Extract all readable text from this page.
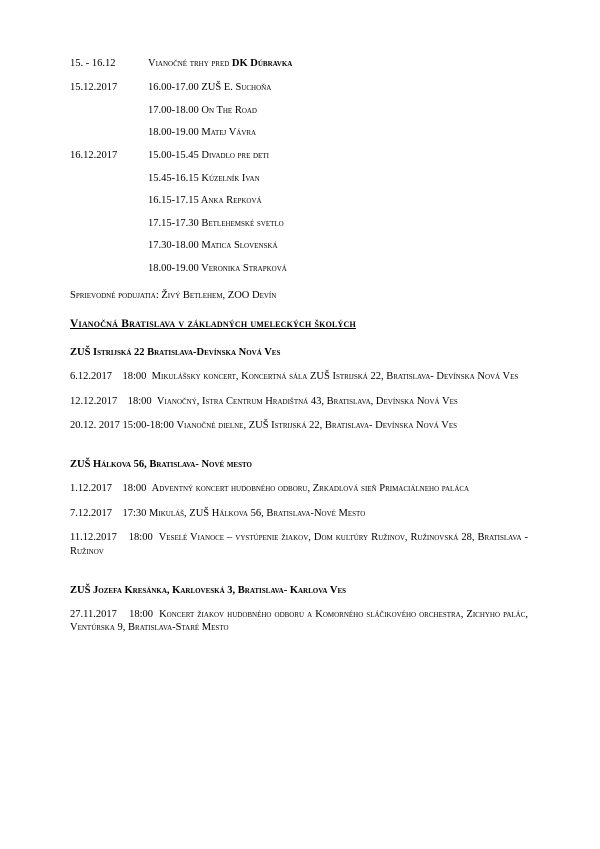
15. - 16.12	Vianočné trhy pred DK Dúbravka
15.12.2017	16.00-17.00 ZUŠ E. Suchoňa
17.00-18.00 On The Road
18.00-19.00 Matej Vávra
16.12.2017	15.00-15.45 Divadlo pre deti
15.45-16.15 Kúzelník Ivan
16.15-17.15 Anka Repková
17.15-17.30 Betlehemské svetlo
17.30-18.00 Matica Slovenská
18.00-19.00 Veronika Strapková
Sprievodné podujatia: Živý Betlehem, ZOO Devín
Vianočná Bratislava v základných umeleckých školých
ZUŠ Istrijská 22 Bratislava-Devínska Nová Ves
6.12.2017 18:00 Mikulášsky koncert, Koncertná sála ZUŠ Istrijská 22, Bratislava- Devínska Nová Ves
12.12.2017 18:00 Vianočný, Istra Centrum Hradištná 43, Bratislava, Devínska Nová Ves
20.12. 2017 15:00-18:00 Vianočné dielne, ZUŠ Istrijská 22, Bratislava- Devínska Nová Ves
ZUŠ Hálkova 56, Bratislava- Nové mesto
1.12.2017 18:00 Adventný koncert hudobného odboru, Zrkadlová sieň Primaciálneho paláca
7.12.2017 17:30 Mikuláš, ZUŠ Hálkova 56, Bratislava-Nové Mesto
11.12.2017 18:00 Veselé Vianoce – vystúpenie žiakov, Dom kultúry Ružinov, Ružinovská 28, Bratislava - Ružinov
ZUŠ Jozefa Kresánka, Karloveská 3, Bratislava- Karlova Ves
27.11.2017 18:00 Koncert žiakov hudobného odboru a Komorného sláčikového orchestra, Zichyho palác, Ventúrska 9, Bratislava-Staré Mesto
